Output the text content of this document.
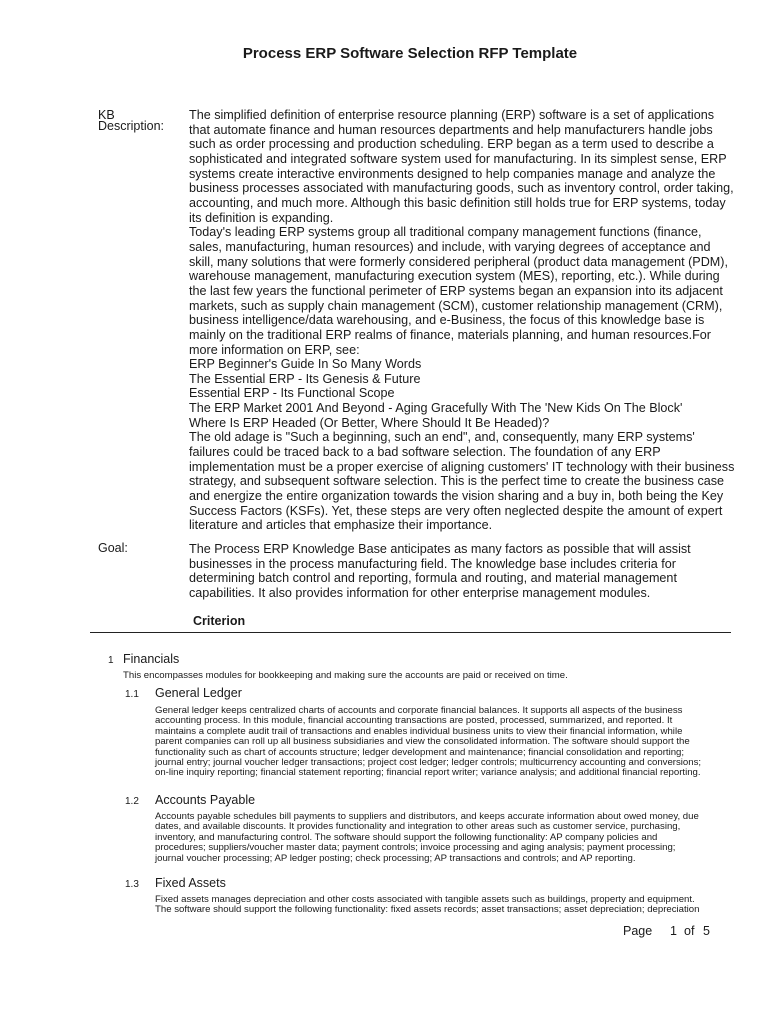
Process ERP Software Selection RFP Template
KB
Description:

The simplified definition of enterprise resource planning (ERP) software is a set of applications

that automate finance and human resources departments and help manufacturers handle jobs

such as order processing and production scheduling. ERP began as a term used to describe a

sophisticated and integrated software system used for manufacturing. In its simplest sense, ERP

systems create interactive environments designed to help companies manage and analyze the

business processes associated with manufacturing goods, such as inventory control, order taking,

accounting, and much more. Although this basic definition still holds true for ERP systems, today

its definition is expanding.

Today's leading ERP systems group all traditional company management functions (finance,

sales, manufacturing, human resources) and include, with varying degrees of acceptance and

skill, many solutions that were formerly considered peripheral (product data management (PDM),

warehouse management, manufacturing execution system (MES), reporting, etc.). While during

the last few years the functional perimeter of ERP systems began an expansion into its adjacent

markets, such as supply chain management (SCM), customer relationship management (CRM),

business intelligence/data warehousing, and e-Business, the focus of this knowledge base is

mainly on the traditional ERP realms of finance, materials planning, and human resources.For

more information on ERP, see:

ERP Beginner's Guide In So Many Words

The Essential ERP - Its Genesis & Future

Essential ERP - Its Functional Scope

The ERP Market 2001 And Beyond - Aging Gracefully With The 'New Kids On The Block'

Where Is ERP Headed (Or Better, Where Should It Be Headed)?

The old adage is "Such a beginning, such an end", and, consequently, many ERP systems'

failures could be traced back to a bad software selection. The foundation of any ERP

implementation must be a proper exercise of aligning customers' IT technology with their business

strategy, and subsequent software selection. This is the perfect time to create the business case

and energize the entire organization towards the vision sharing and a buy in, both being the Key

Success Factors (KSFs). Yet, these steps are very often neglected despite the amount of expert

literature and articles that emphasize their importance.

Goal:	The Process ERP Knowledge Base anticipates as many factors as possible that will assist

businesses in the process manufacturing field. The knowledge base includes criteria for

determining batch control and reporting, formula and routing, and material management

capabilities. It also provides information for other enterprise management modules.

Criterion
1 Financials
This encompasses modules for bookkeeping and making sure the accounts are paid or received on time.
1.1 General Ledger

General ledger keeps centralized charts of accounts and corporate financial balances. It supports all aspects of the business

accounting process. In this module, financial accounting transactions are posted, processed, summarized, and reported. It

maintains a complete audit trail of transactions and enables individual business units to view their financial information, while

parent companies can roll up all business subsidiaries and view the consolidated information. The software should support the

functionality such as chart of accounts structure; ledger development and maintenance; financial consolidation and reporting;

journal entry; journal voucher ledger transactions; project cost ledger; ledger controls; multicurrency accounting and conversions;

on-line inquiry reporting; financial statement reporting; financial report writer; variance analysis; and additional financial reporting.

1.2 Accounts Payable

Accounts payable schedules bill payments to suppliers and distributors, and keeps accurate information about owed money, due

dates, and available discounts. It provides functionality and integration to other areas such as customer service, purchasing,

inventory, and manufacturing control. The software should support the following functionality: AP company policies and

procedures; suppliers/voucher master data; payment controls; invoice processing and aging analysis; payment processing;

journal voucher processing; AP ledger posting; check processing; AP transactions and controls; and AP reporting.

1.3 Fixed Assets

Fixed assets manages depreciation and other costs associated with tangible assets such as buildings, property and equipment.

The software should support the following functionality: fixed assets records; asset transactions; asset depreciation; depreciation

Page 1 of 5
